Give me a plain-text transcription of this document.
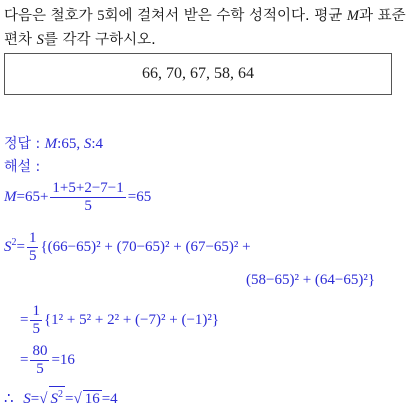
다음은 철호가 5회에 걸쳐서 받은 수학 성적이다. 평균 M과 표준
편차 S를 각각 구하시오.
66, 70, 67, 58, 64
정답 : M:65, S:4
해설 :
$M=65+ \frac{1+5+2-7-1}{5} =65$
$S^2= \frac{1}{5} \{(66-65)^2 + (70-65)^2 + (67-65)^2$ +
(58−65)² + (64−65)²}
= $\frac{1}{5} \{1^2 + 5^2 + 2^2 + (-7)^2 + (-1)^2\}$
= $\frac{80}{5} =16$
∴ S=√ $S^2$ =√ 16 =4
